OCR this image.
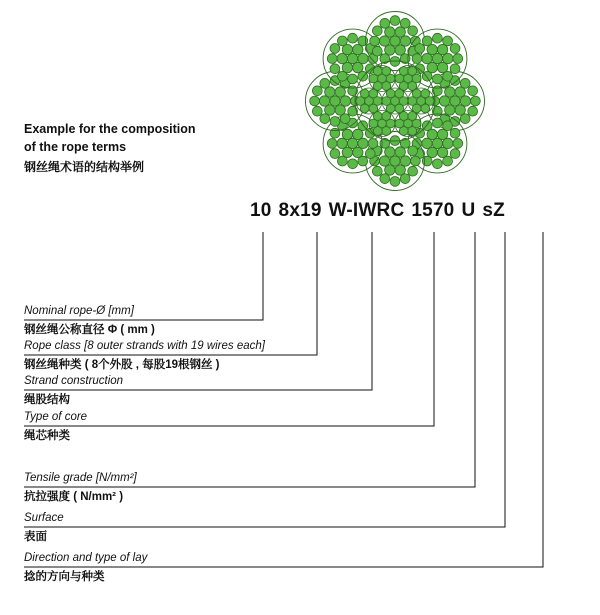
Example for the composition
of the rope terms
钢丝绳术语的结构举例
10 8x19 W-IWRC 1570 U sZ
Nominal rope-Ø [mm]
钢丝绳公称直径 Φ ( mm )
Rope class [8 outer strands with 19 wires each]
钢丝绳种类 ( 8个外股 , 每股19根钢丝 )
Strand construction
绳股结构
Type of core
绳芯种类
Tensile grade [N/mm²]
抗拉强度 ( N/mm² )
Surface
表面
Direction and type of lay
捻的方向与种类
